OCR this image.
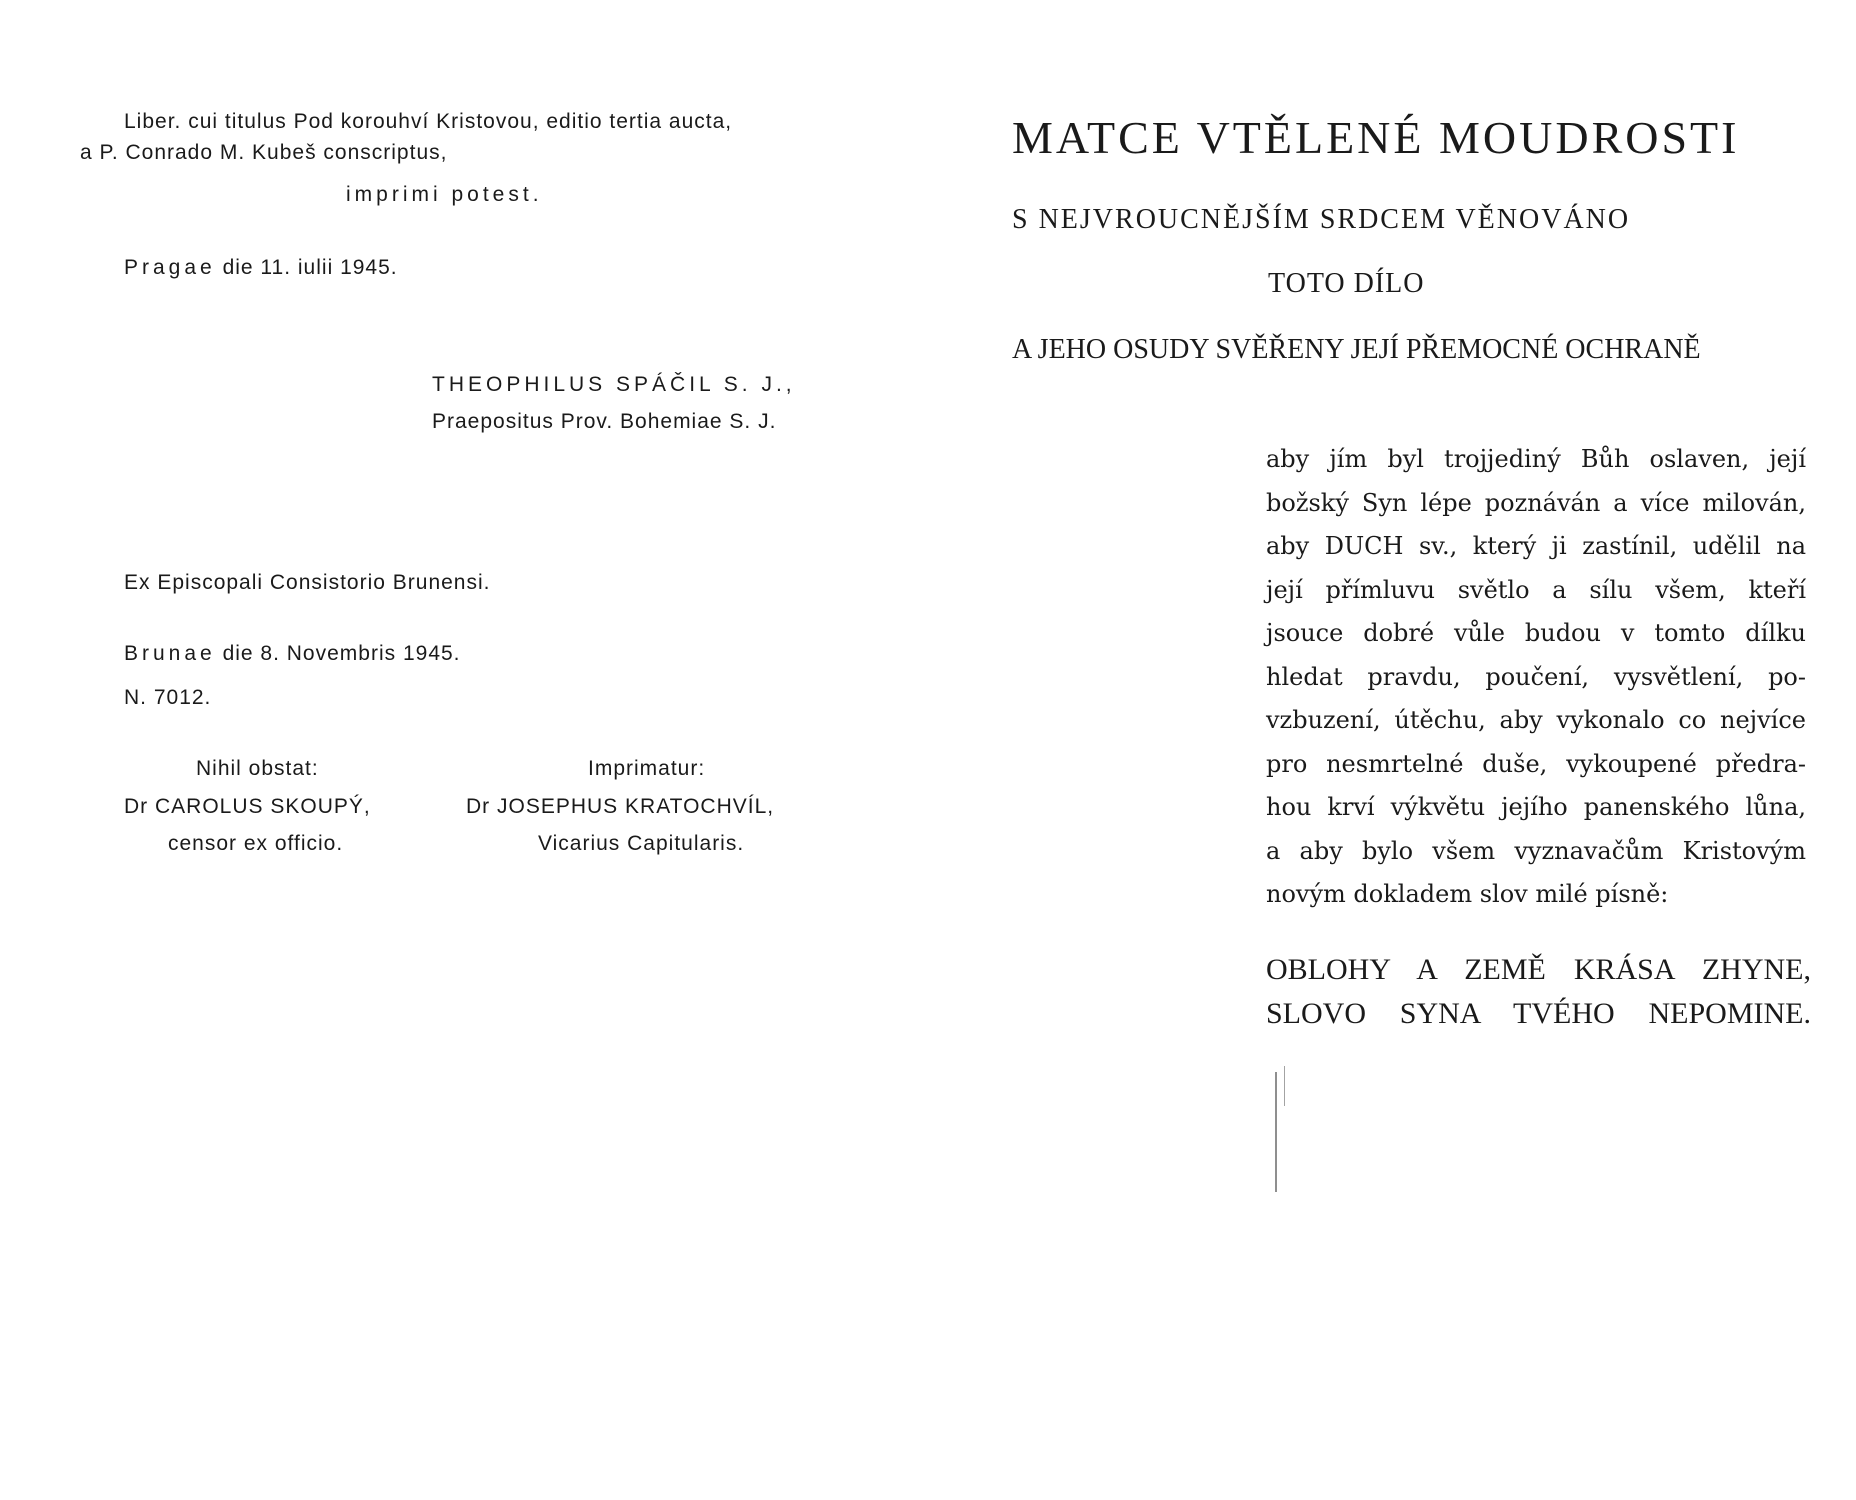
Liber. cui titulus Pod korouhví Kristovou, editio tertia aucta,
a P. Conrado M. Kubeš conscriptus,
imprimi potest.
Pragae die 11. iulii 1945.
THEOPHILUS SPÁČIL S. J.,
Praepositus Prov. Bohemiae S. J.
Ex Episcopali Consistorio Brunensi.
Brunae die 8. Novembris 1945.
N. 7012.
Nihil obstat:
Dr CAROLUS SKOUPÝ,
censor ex officio.
Imprimatur:
Dr JOSEPHUS KRATOCHVÍL,
Vicarius Capitularis.
MATCE VTĚLENÉ MOUDROSTI
S NEJVROUCNĚJŠÍM SRDCEM VĚNOVÁNO
TOTO DÍLO
A JEHO OSUDY SVĚŘENY JEJÍ PŘEMOCNÉ OCHRANĚ
aby jím byl trojjediný Bůh oslaven, její
božský Syn lépe poznáván a více milován,
aby DUCH sv., který ji zastínil, udělil na
její přímluvu světlo a sílu všem, kteří
jsouce dobré vůle budou v tomto dílku
hledat pravdu, poučení, vysvětlení, po-
vzbuzení, útěchu, aby vykonalo co nejvíce
pro nesmrtelné duše, vykoupené předra-
hou krví výkvětu jejího panenského lůna,
a aby bylo všem vyznavačům Kristovým
novým dokladem slov milé písně:
OBLOHY A ZEMĚ KRÁSA ZHYNE,
SLOVO SYNA TVÉHO NEPOMINE.
